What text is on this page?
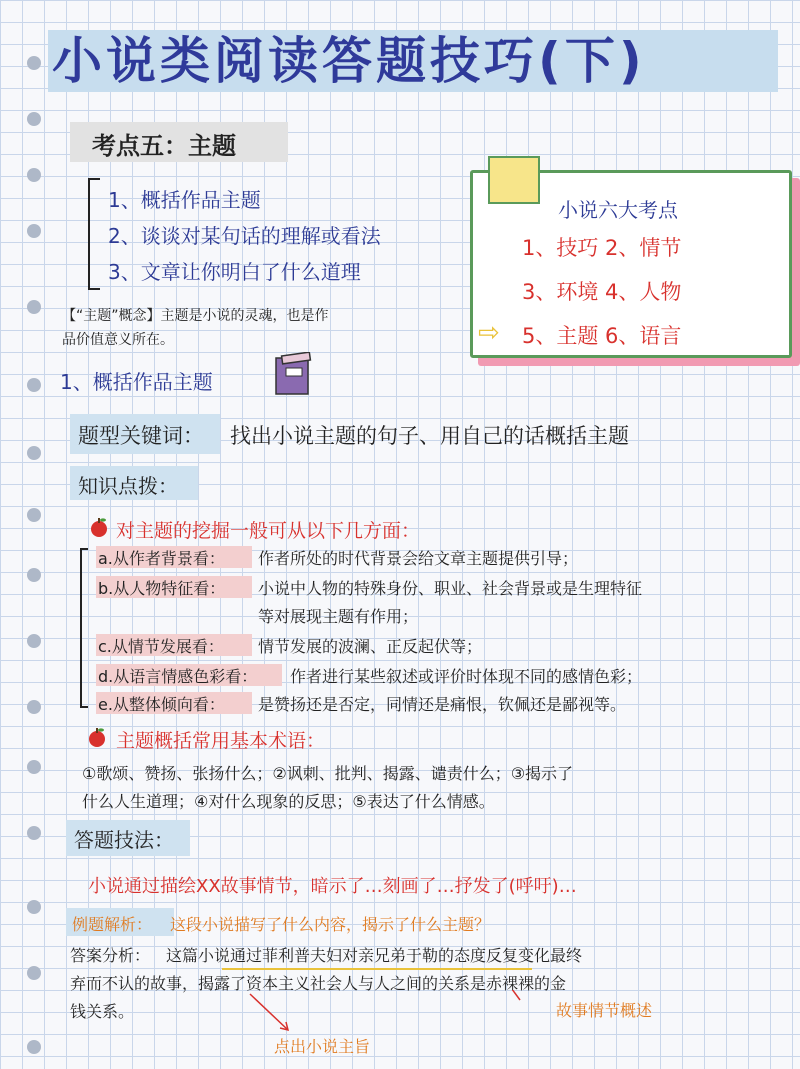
小说类阅读答题技巧(下)
考点五：主题
1、概括作品主题
2、谈谈对某句话的理解或看法
3、文章让你明白了什么道理
【“主题”概念】主题是小说的灵魂，也是作
品价值意义所在。
小说六大考点
1、技巧 2、情节
3、环境 4、人物
5、主题 6、语言
⇨
1、概括作品主题
题型关键词： 找出小说主题的句子、用自己的话概括主题
知识点拨：
对主题的挖掘一般可从以下几方面：
a.从作者背景看： 作者所处的时代背景会给文章主题提供引导；
b.从人物特征看： 小说中人物的特殊身份、职业、社会背景或是生理特征
等对展现主题有作用；
c.从情节发展看： 情节发展的波澜、正反起伏等；
d.从语言情感色彩看： 作者进行某些叙述或评价时体现不同的感情色彩；
e.从整体倾向看： 是赞扬还是否定，同情还是痛恨，钦佩还是鄙视等。
主题概括常用基本术语：
①歌颂、赞扬、张扬什么；②讽刺、批判、揭露、谴责什么；③揭示了
什么人生道理；④对什么现象的反思；⑤表达了什么情感。
答题技法：
小说通过描绘XX故事情节，暗示了…刻画了…抒发了(呼吁)…
例题解析： 这段小说描写了什么内容，揭示了什么主题？
答案分析： 这篇小说通过菲利普夫妇对亲兄弟于勒的态度反复变化最终
弃而不认的故事，揭露了资本主义社会人与人之间的关系是赤裸裸的金
钱关系。	故事情节概述
点出小说主旨
